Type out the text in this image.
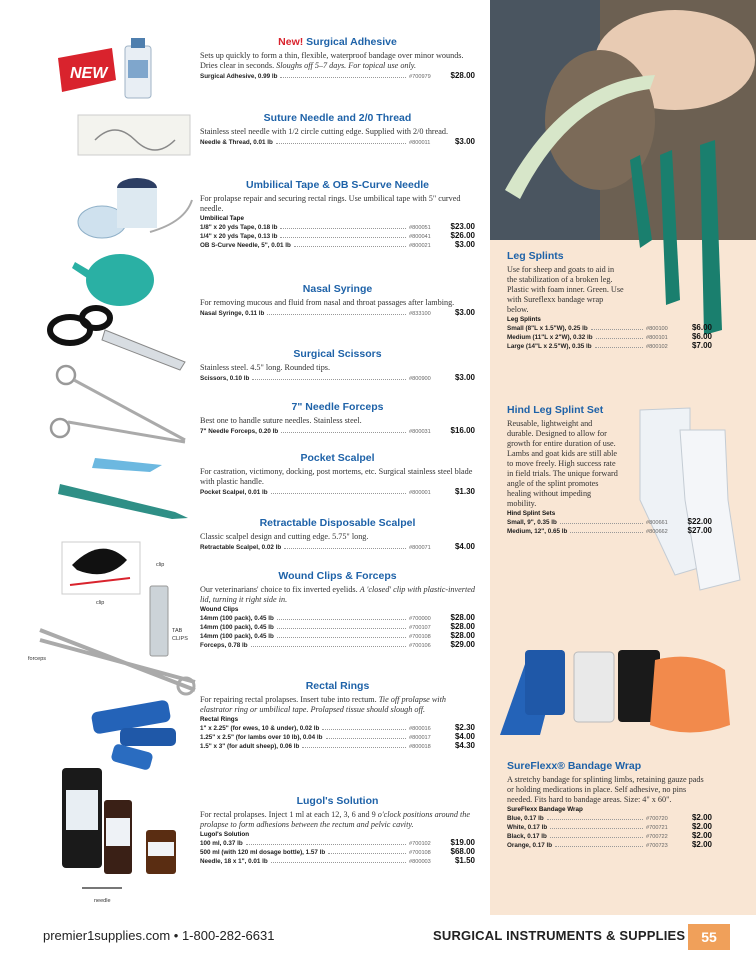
NEW
clip
clip
TAB
CLIPS
forceps
needle
New! Surgical Adhesive
Sets up quickly to form a thin, flexible, waterproof bandage over minor wounds. Dries clear in seconds. Sloughs off 5–7 days. For topical use only.
Surgical Adhesive, 0.99 lb	#700979	$28.00
Suture Needle and 2/0 Thread
Stainless steel needle with 1/2 circle cutting edge. Supplied with 2/0 thread.
Needle & Thread, 0.01 lb	#800011	$3.00
Umbilical Tape & OB S-Curve Needle
For prolapse repair and securing rectal rings. Use umbilical tape with 5" curved needle.
Umbilical Tape
1/8" x 20 yds Tape, 0.18 lb	#800051	$23.00
1/4" x 20 yds Tape, 0.13 lb	#800041	$26.00
OB S-Curve Needle, 5", 0.01 lb	#800021	$3.00
Nasal Syringe
For removing mucous and fluid from nasal and throat passages after lambing.
Nasal Syringe, 0.11 lb	#833100	$3.00
Surgical Scissors
Stainless steel. 4.5" long. Rounded tips.
Scissors, 0.10 lb	#800900	$3.00
7" Needle Forceps
Best one to handle suture needles. Stainless steel.
7" Needle Forceps, 0.20 lb	#800031	$16.00
Pocket Scalpel
For castration, victimony, docking, post mortems, etc. Surgical stainless steel blade with plastic handle.
Pocket Scalpel, 0.01 lb	#800001	$1.30
Retractable Disposable Scalpel
Classic scalpel design and cutting edge. 5.75" long.
Retractable Scalpel, 0.02 lb	#800071	$4.00
Wound Clips & Forceps
Our veterinarians' choice to fix inverted eyelids. A 'closed' clip with plastic-inverted lid, turning it right side in.
Wound Clips
14mm (100 pack), 0.45 lb	#700000	$28.00
14mm (100 pack), 0.45 lb	#700107	$28.00
14mm (100 pack), 0.45 lb	#700108	$28.00
Forceps, 0.78 lb	#700106	$29.00
Rectal Rings
For repairing rectal prolapses. Insert tube into rectum. Tie off prolapse with elastrator ring or umbilical tape. Prolapsed tissue should slough off.
Rectal Rings
1" x 2.25" (for ewes, 10 & under), 0.02 lb	#800016	$2.30
1.25" x 2.5" (for lambs over 10 lb), 0.04 lb	#800017	$4.00
1.5" x 3" (for adult sheep), 0.06 lb	#800018	$4.30
Lugol's Solution
For rectal prolapses. Inject 1 ml at each 12, 3, 6 and 9 o'clock positions around the prolapse to form adhesions between the rectum and pelvic cavity.
Lugol's Solution
100 ml, 0.37 lb	#700102	$19.00
500 ml (with 120 ml dosage bottle), 1.57 lb	#700108	$68.00
Needle, 18 x 1", 0.01 lb	#800003	$1.50
Leg Splints
Use for sheep and goats to aid in the stabilization of a broken leg. Plastic with foam inner. Green. Use with Sureflexx bandage wrap below.
Leg Splints
Small (8"L x 1.5"W), 0.25 lb	#800100	$6.00
Medium (11"L x 2"W), 0.32 lb	#800101	$6.00
Large (14"L x 2.5"W), 0.35 lb	#800102	$7.00
Hind Leg Splint Set
Reusable, lightweight and durable. Designed to allow for growth for entire duration of use. Lambs and goat kids are still able to move freely. High success rate in field trials. The unique forward angle of the splint promotes healing without impeding mobility.
Hind Splint Sets
Small, 9", 0.35 lb	#800661	$22.00
Medium, 12", 0.65 lb	#800662	$27.00
SureFlexx® Bandage Wrap
A stretchy bandage for splinting limbs, retaining gauze pads or holding medications in place. Self adhesive, no pins needed. Fits hard to bandage areas. Size: 4" x 60".
SureFlexx Bandage Wrap
Blue, 0.17 lb	#700720	$2.00
White, 0.17 lb	#700721	$2.00
Black, 0.17 lb	#700722	$2.00
Orange, 0.17 lb	#700723	$2.00
premier1supplies.com • 1-800-282-6631	SURGICAL INSTRUMENTS & SUPPLIES	55
